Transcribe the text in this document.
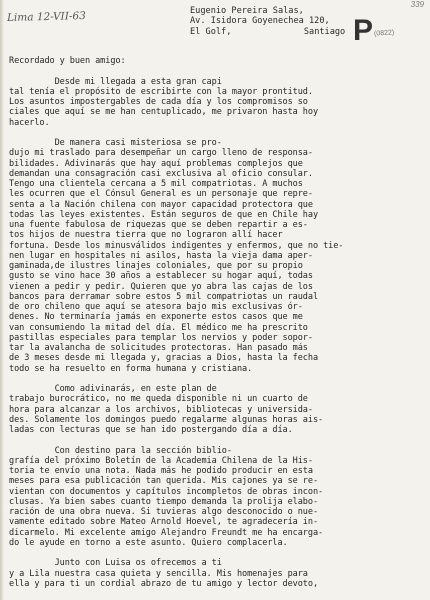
339
Lima 12-VII-63	Eugenio Pereira Salas,
Av. Isidora Goyenechea 120,
El Golf,	Santiago P (0822)
Recordado y buen amigo:
Desde mi llegada a esta gran capi
tal tenía el propósito de escribirte con la mayor prontitud.
Los asuntos impostergables de cada día y los compromisos so
ciales que aquí se me han centuplicado, me privaron hasta hoy
hacerlo.
De manera casi misteriosa se pro-
dujo mi traslado para desempeñar un cargo lleno de responsa-
bilidades. Adivinarás que hay aquí problemas complejos que
demandan una consagración casi exclusiva al oficio consular.
Tengo una clientela cercana a 5 mil compatriotas. A muchos
les ocurren que el Cónsul General es un personaje que repre-
senta a la Nación chilena con mayor capacidad protectora que
todas las leyes existentes. Están seguros de que en Chile hay
una fuente fabulosa de riquezas que se deben repartir a es-
tos hijos de nuestra tierra que no lograron allí hacer
fortuna. Desde los minusválidos indigentes y enfermos, que no tie-
nen lugar en hospitales ni asilos, hasta la vieja dama aper-
gaminada,de ilustres linajes coloniales, que por su propio
gusto se vino hace 30 años a establecer su hogar aquí, todas
vienen a pedir y pedir. Quieren que yo abra las cajas de los
bancos para derramar sobre estos 5 mil compatriotas un raudal
de oro chileno que aquí se atesora bajo mis exclusivas ór-
denes. No terminaría jamás en exponerte estos casos que me
van consumiendo la mitad del día. El médico me ha prescrito
pastillas especiales para templar los nervios y poder sopor-
tar la avalancha de solicitudes protectoras. Han pasado más
de 3 meses desde mi llegada y, gracias a Dios, hasta la fecha
todo se ha resuelto en forma humana y cristiana.
Como adivinarás, en este plan de
trabajo burocrático, no me queda disponible ni un cuarto de
hora para alcanzar a los archivos, bibliotecas y universida-
des. Solamente los domingos puedo regalarme algunas horas ais-
ladas con lecturas que se han ido postergando día a día.
Con destino para la sección biblio-
grafía del próximo Boletín de la Academia Chilena de la His-
toria te envío una nota. Nada más he podido producir en esta
meses para esa publicación tan querida. Mis cajones ya se re-
vientan con documentos y capítulos incompletos de obras incon-
clusas. Ya bien sabes cuanto tiempo demanda la prolija elabo-
ración de una obra nueva. Si tuvieras algo desconocido o nue-
vamente editado sobre Mateo Arnold Hoevel, te agradecería in-
dicarmelo. Mi excelente amigo Alejandro Freundt me ha encarga-
do le ayude en torno a este asunto. Quiero complacerla.
Junto con Luisa os ofrecemos a ti
y a Lila nuestra casa quieta y sencilla. Mis homenajes para
ella y para ti un cordial abrazo de tu amigo y lector devoto,
